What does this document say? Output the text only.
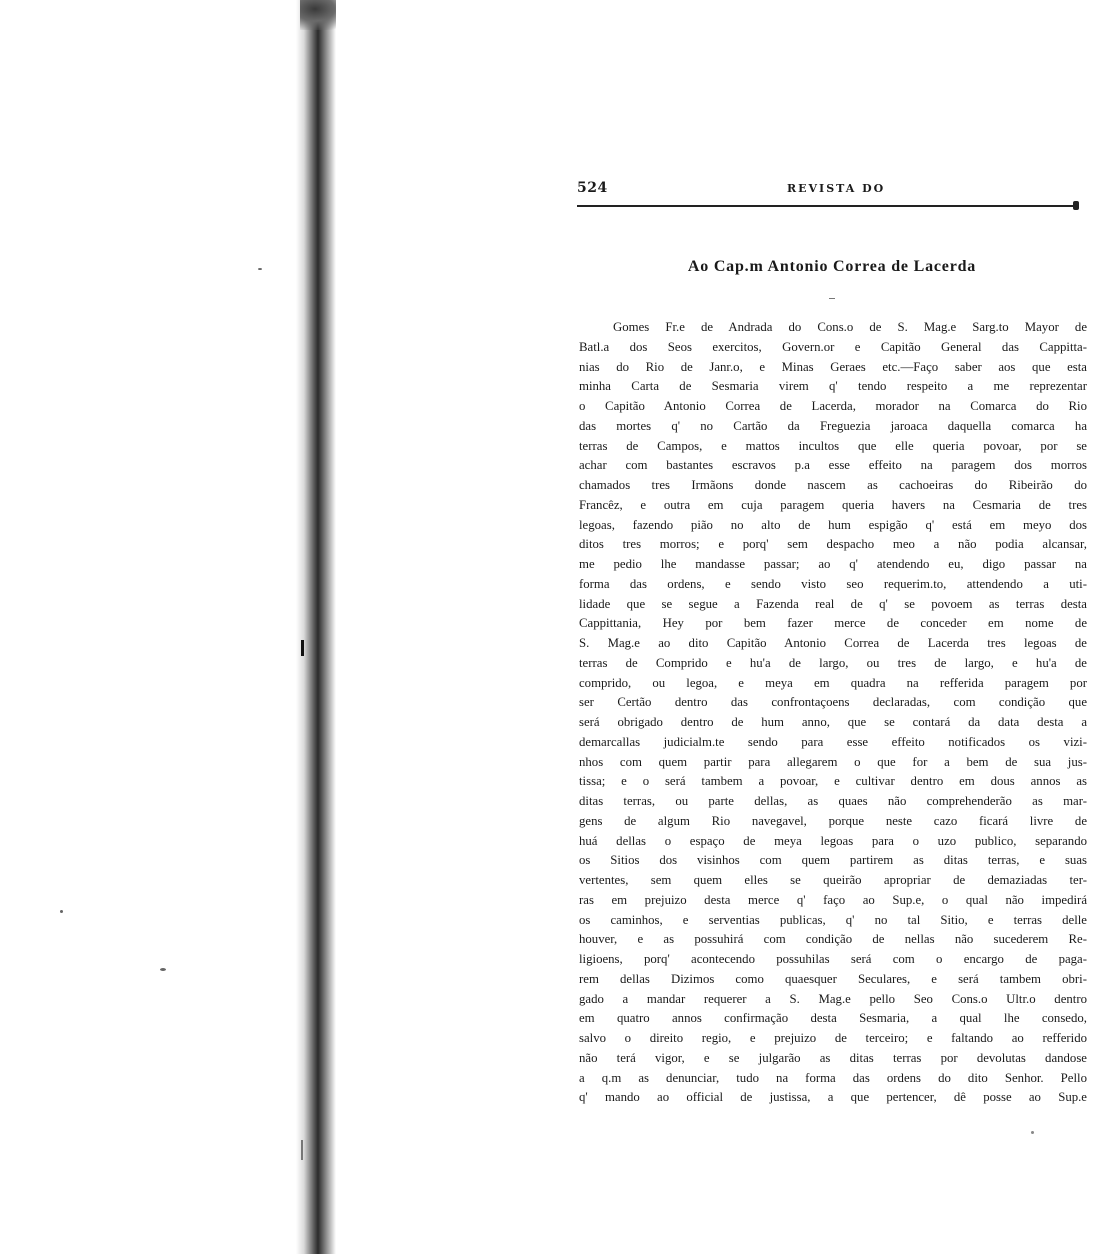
524	REVISTA DO
Ao Cap.m Antonio Correa de Lacerda
Gomes Fr.e de Andrada do Cons.o de S. Mag.e Sarg.to Mayor de
Batl.a dos Seos exercitos, Govern.or e Capitão General das Cappitta-
nias do Rio de Janr.o, e Minas Geraes etc.—Faço saber aos que esta
minha Carta de Sesmaria virem q' tendo respeito a me reprezentar
o Capitão Antonio Correa de Lacerda, morador na Comarca do Rio
das mortes q' no Cartão da Freguezia jaroaca daquella comarca ha
terras de Campos, e mattos incultos que elle queria povoar, por se
achar com bastantes escravos p.a esse effeito na paragem dos morros
chamados tres Irmãons donde nascem as cachoeiras do Ribeirão do
Francêz, e outra em cuja paragem queria havers na Cesmaria de tres
legoas, fazendo pião no alto de hum espigão q' está em meyo dos
ditos tres morros; e porq' sem despacho meo a não podia alcansar,
me pedio lhe mandasse passar; ao q' atendendo eu, digo passar na
forma das ordens, e sendo visto seo requerim.to, attendendo a uti-
lidade que se segue a Fazenda real de q' se povoem as terras desta
Cappittania, Hey por bem fazer merce de conceder em nome de
S. Mag.e ao dito Capitão Antonio Correa de Lacerda tres legoas de
terras de Comprido e hu'a de largo, ou tres de largo, e hu'a de
comprido, ou legoa, e meya em quadra na refferida paragem por
ser Certão dentro das confrontaçoens declaradas, com condição que
será obrigado dentro de hum anno, que se contará da data desta a
demarcallas judicialm.te sendo para esse effeito notificados os vizi-
nhos com quem partir para allegarem o que for a bem de sua jus-
tissa; e o será tambem a povoar, e cultivar dentro em dous annos as
ditas terras, ou parte dellas, as quaes não comprehenderão as mar-
gens de algum Rio navegavel, porque neste cazo ficará livre de
huá dellas o espaço de meya legoas para o uzo publico, separando
os Sitios dos visinhos com quem partirem as ditas terras, e suas
vertentes, sem quem elles se queirão apropriar de demaziadas ter-
ras em prejuizo desta merce q' faço ao Sup.e, o qual não impedirá
os caminhos, e serventias publicas, q' no tal Sitio, e terras delle
houver, e as possuhirá com condição de nellas não sucederem Re-
ligioens, porq' acontecendo possuhilas será com o encargo de paga-
rem dellas Dizimos como quaesquer Seculares, e será tambem obri-
gado a mandar requerer a S. Mag.e pello Seo Cons.o Ultr.o dentro
em quatro annos confirmação desta Sesmaria, a qual lhe consedo,
salvo o direito regio, e prejuizo de terceiro; e faltando ao refferido
não terá vigor, e se julgarão as ditas terras por devolutas dandose
a q.m as denunciar, tudo na forma das ordens do dito Senhor. Pello
q' mando ao official de justissa, a que pertencer, dê posse ao Sup.e
